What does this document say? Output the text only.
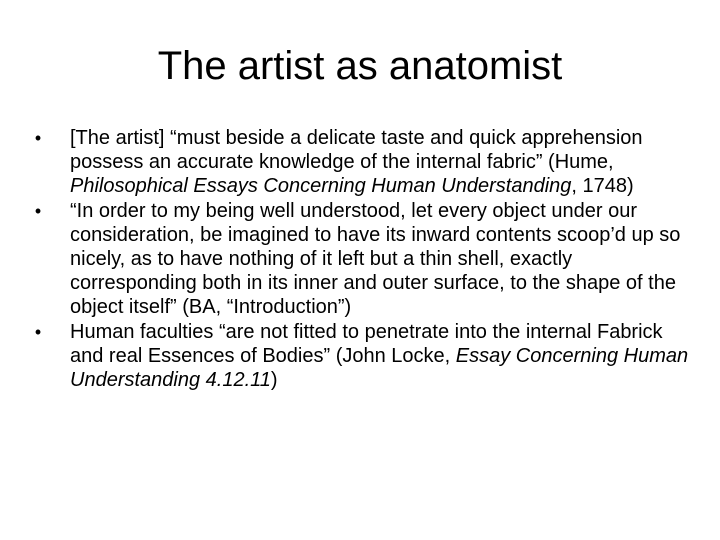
The artist as anatomist
•	[The artist] “must beside a delicate taste and quick apprehension possess an accurate knowledge of the internal fabric” (Hume, Philosophical Essays Concerning Human Understanding, 1748)
•	“In order to my being well understood, let every object under our consideration, be imagined to have its inward contents scoop’d up so nicely, as to have nothing of it left but a thin shell, exactly corresponding both in its inner and outer surface, to the shape of the object itself” (BA, “Introduction”)
•	Human faculties “are not fitted to penetrate into the internal Fabrick and real Essences of Bodies” (John Locke, Essay Concerning Human Understanding 4.12.11)
